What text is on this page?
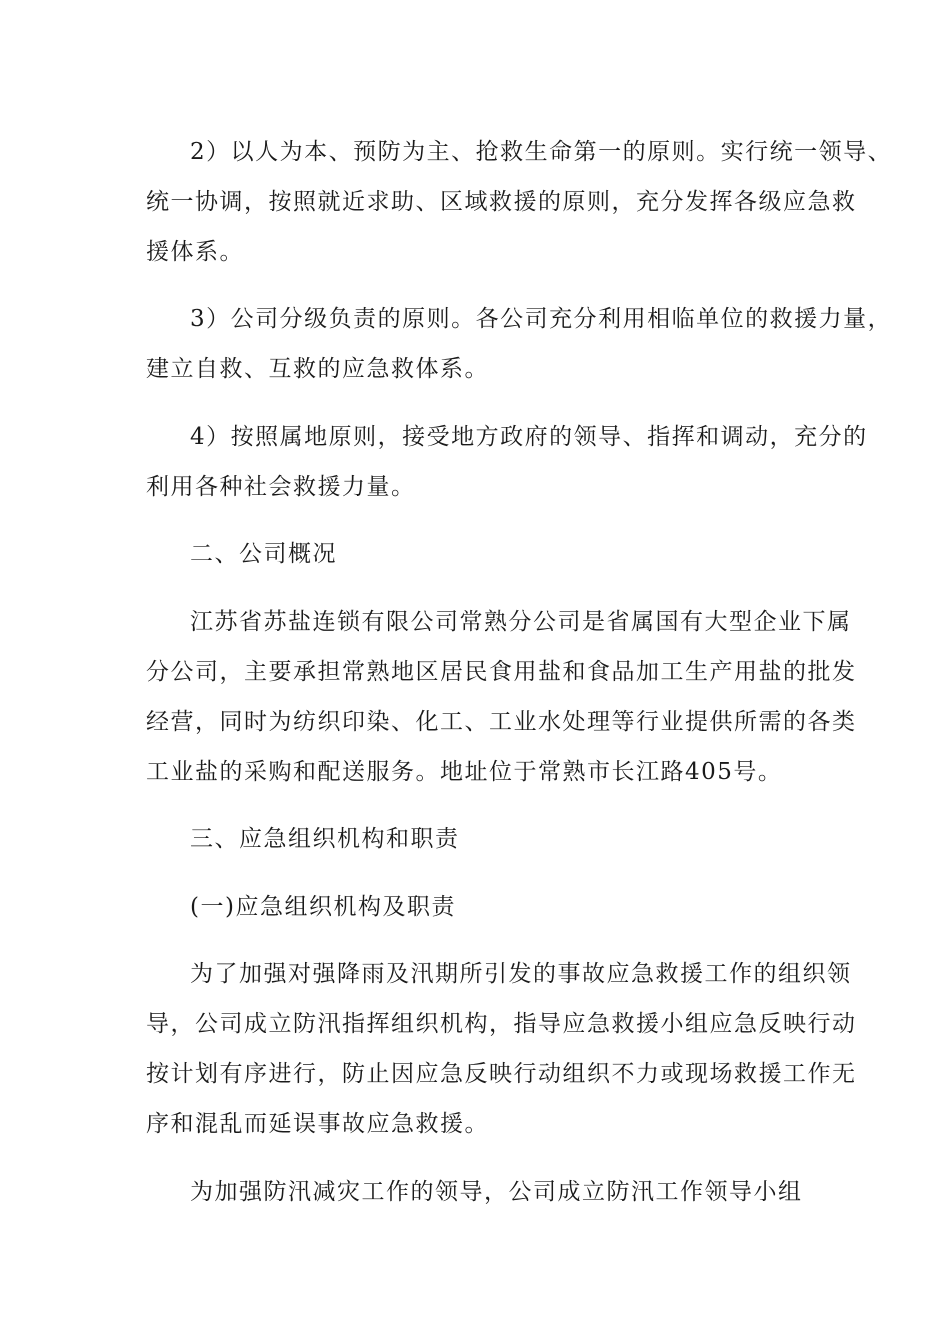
2）以人为本、预防为主、抢救生命第一的原则。实行统一领导、
统一协调，按照就近求助、区域救援的原则，充分发挥各级应急救
援体系。
3）公司分级负责的原则。各公司充分利用相临单位的救援力量，
建立自救、互救的应急救体系。
4）按照属地原则，接受地方政府的领导、指挥和调动，充分的
利用各种社会救援力量。
二、公司概况
江苏省苏盐连锁有限公司常熟分公司是省属国有大型企业下属
分公司，主要承担常熟地区居民食用盐和食品加工生产用盐的批发
经营，同时为纺织印染、化工、工业水处理等行业提供所需的各类
工业盐的采购和配送服务。地址位于常熟市长江路405号。
三、应急组织机构和职责
(一)应急组织机构及职责
为了加强对强降雨及汛期所引发的事故应急救援工作的组织领
导，公司成立防汛指挥组织机构，指导应急救援小组应急反映行动
按计划有序进行，防止因应急反映行动组织不力或现场救援工作无
序和混乱而延误事故应急救援。
为加强防汛减灾工作的领导，公司成立防汛工作领导小组
